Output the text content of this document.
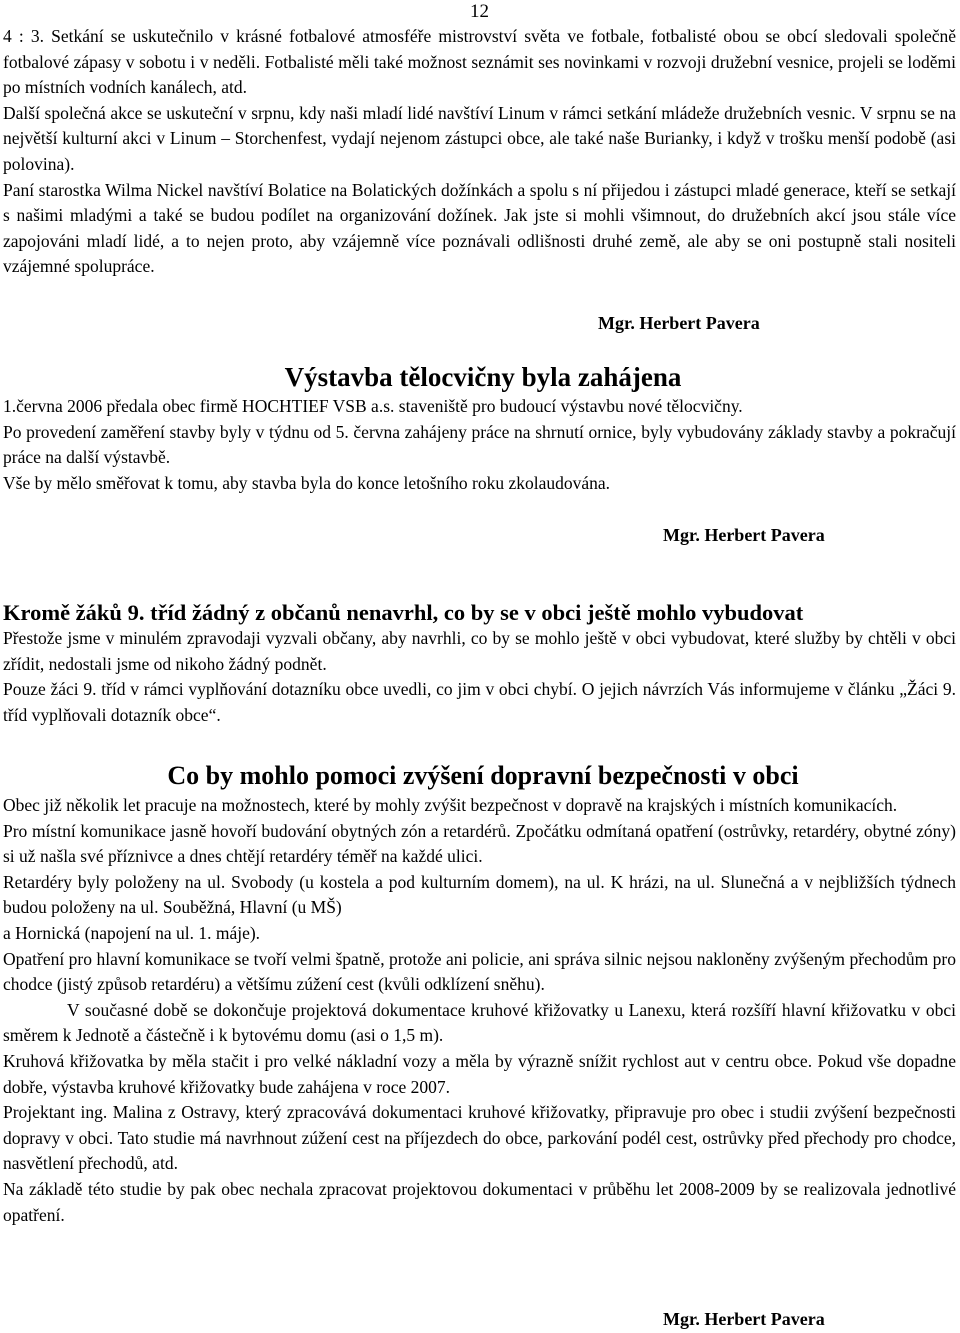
12

4 : 3. Setkání se uskutečnilo v krásné fotbalové atmosféře mistrovství světa ve fotbale, fotbalisté obou se obcí sledovali společně fotbalové zápasy v sobotu i v neděli. Fotbalisté měli také možnost seznámit ses novinkami v rozvoji družební vesnice, projeli se loděmi po místních vodních kanálech, atd.

Další společná akce se uskuteční v srpnu, kdy naši mladí lidé navštíví Linum v rámci setkání mládeže družebních vesnic. V srpnu se na největší kulturní akci v Linum – Storchenfest, vydají nejenom zástupci obce, ale také naše Burianky, i když v trošku menší podobě (asi polovina).

Paní starostka Wilma Nickel navštíví Bolatice na Bolatických dožínkách a spolu s ní přijedou i zástupci mladé generace, kteří se setkají s našimi mladými a také se budou podílet na organizování dožínek. Jak jste si mohli všimnout, do družebních akcí jsou stále více zapojováni mladí lidé, a to nejen proto, aby vzájemně více poznávali odlišnosti druhé země, ale aby se oni postupně stali nositeli vzájemné spolupráce.

Mgr. Herbert Pavera
Výstavba tělocvičny byla zahájena

1.června 2006 předala obec firmě HOCHTIEF VSB a.s. staveniště pro budoucí výstavbu nové tělocvičny.

Po provedení zaměření stavby byly v týdnu od 5. června zahájeny práce na shrnutí ornice, byly vybudovány základy stavby a pokračují práce na další výstavbě.

Vše by mělo směřovat k tomu, aby stavba byla do konce letošního roku zkolaudována.

Mgr. Herbert Pavera
Kromě žáků 9. tříd žádný z občanů nenavrhl, co by se v obci ještě mohlo vybudovat

Přestože jsme v minulém zpravodaji vyzvali občany, aby navrhli, co by se mohlo ještě v obci vybudovat, které služby by chtěli v obci zřídit, nedostali jsme od nikoho žádný podnět.

Pouze žáci 9. tříd v rámci vyplňování dotazníku obce uvedli, co jim v obci chybí. O jejich návrzích Vás informujeme v článku „Žáci 9. tříd vyplňovali dotazník obce“.

Co by mohlo pomoci zvýšení dopravní bezpečnosti v obci

Obec již několik let pracuje na možnostech, které by mohly zvýšit bezpečnost v dopravě na krajských i místních komunikacích.

Pro místní komunikace jasně hovoří budování obytných zón a retardérů. Zpočátku odmítaná opatření (ostrůvky, retardéry, obytné zóny) si už našla své příznivce a dnes chtějí retardéry téměř na každé ulici.

Retardéry byly položeny na ul. Svobody (u kostela a pod kulturním domem), na ul. K hrázi, na ul. Slunečná a v nejbližších týdnech budou položeny na ul. Souběžná, Hlavní (u MŠ)

a Hornická (napojení na ul. 1. máje).

Opatření pro hlavní komunikace se tvoří velmi špatně, protože ani policie, ani správa silnic nejsou nakloněny zvýšeným přechodům pro chodce (jistý způsob retardéru) a většímu zúžení cest (kvůli odklízení sněhu).

V současné době se dokončuje projektová dokumentace kruhové křižovatky u Lanexu, která rozšíří hlavní křižovatku v obci směrem k Jednotě a částečně i k bytovému domu (asi o 1,5 m).

Kruhová křižovatka by měla stačit i pro velké nákladní vozy a měla by výrazně snížit rychlost aut v centru obce. Pokud vše dopadne dobře, výstavba kruhové křižovatky bude zahájena v roce 2007.

Projektant ing. Malina z Ostravy, který zpracovává dokumentaci kruhové křižovatky, připravuje pro obec i studii zvýšení bezpečnosti dopravy v obci. Tato studie má navrhnout zúžení cest na příjezdech do obce, parkování podél cest, ostrůvky před přechody pro chodce, nasvětlení přechodů, atd.

Na základě této studie by pak obec nechala zpracovat projektovou dokumentaci v průběhu let 2008-2009 by se realizovala jednotlivé opatření.

Mgr. Herbert Pavera
